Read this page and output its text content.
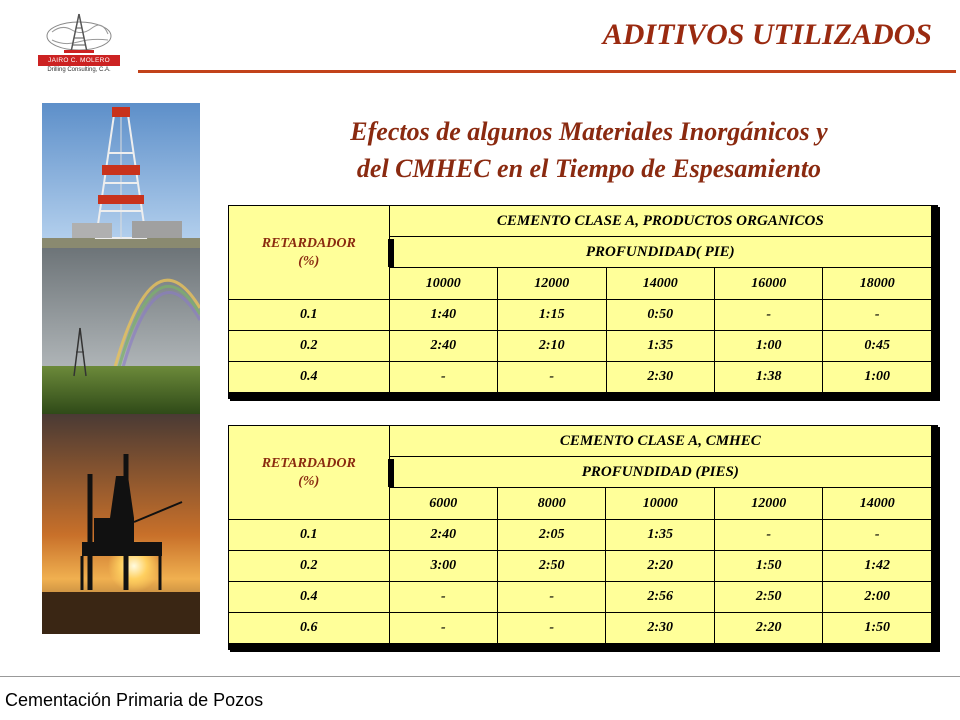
JAIRO C. MOLERO
Drilling Consulting, C.A.
ADITIVOS UTILIZADOS
Efectos de algunos Materiales Inorgánicos y
del CMHEC en el Tiempo de Espesamiento
RETARDADOR
(%)	CEMENTO CLASE A, PRODUCTOS ORGANICOS				

PROFUNDIDAD( PIE)				
	10000	12000	14000	16000	18000
0.1	1:40	1:15	0:50	-	-
0.2	2:40	2:10	1:35	1:00	0:45
0.4	-	-	2:30	1:38	1:00
RETARDADOR
(%)	CEMENTO CLASE A, CMHEC				

PROFUNDIDAD (PIES)				
	6000	8000	10000	12000	14000
0.1	2:40	2:05	1:35	-	-
0.2	3:00	2:50	2:20	1:50	1:42
0.4	-	-	2:56	2:50	2:00
0.6	-	-	2:30	2:20	1:50
Cementación Primaria de Pozos
